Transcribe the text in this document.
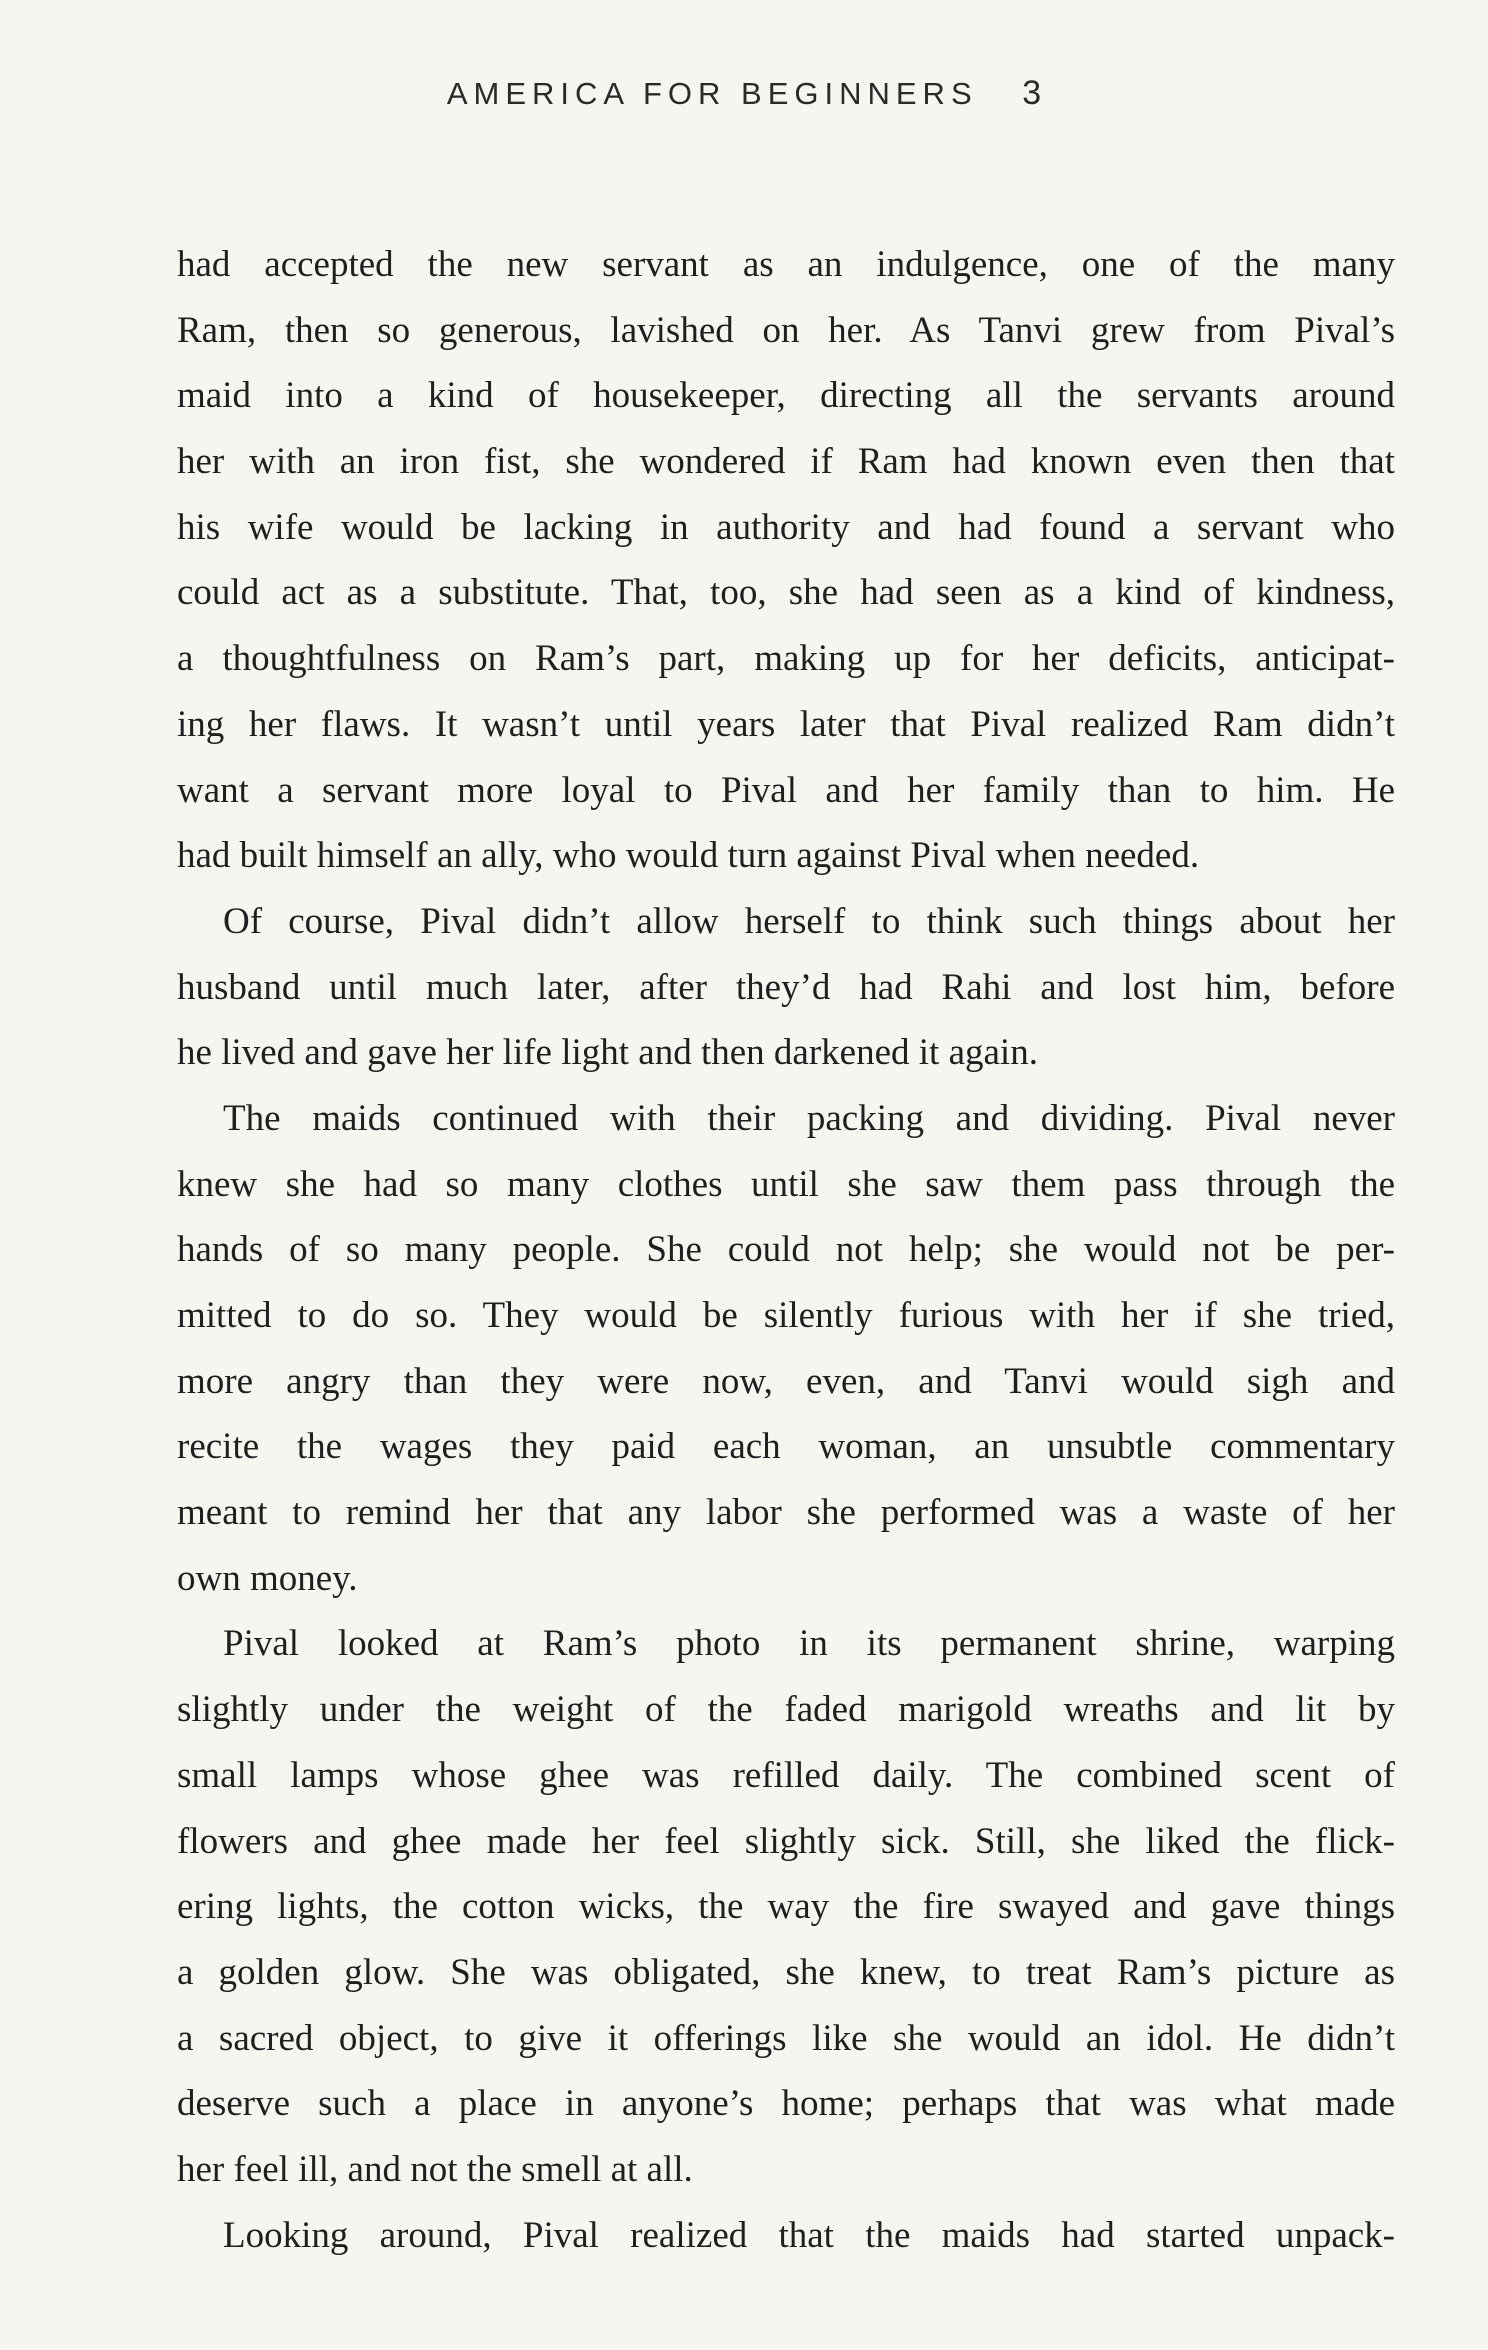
AMERICA FOR BEGINNERS 3
had accepted the new servant as an indulgence, one of the many
Ram, then so generous, lavished on her. As Tanvi grew from Pival’s
maid into a kind of housekeeper, directing all the servants around
her with an iron fist, she wondered if Ram had known even then that
his wife would be lacking in authority and had found a servant who
could act as a substitute. That, too, she had seen as a kind of kindness,
a thoughtfulness on Ram’s part, making up for her deficits, anticipat-
ing her flaws. It wasn’t until years later that Pival realized Ram didn’t
want a servant more loyal to Pival and her family than to him. He
had built himself an ally, who would turn against Pival when needed.
Of course, Pival didn’t allow herself to think such things about her
husband until much later, after they’d had Rahi and lost him, before
he lived and gave her life light and then darkened it again.
The maids continued with their packing and dividing. Pival never
knew she had so many clothes until she saw them pass through the
hands of so many people. She could not help; she would not be per-
mitted to do so. They would be silently furious with her if she tried,
more angry than they were now, even, and Tanvi would sigh and
recite the wages they paid each woman, an unsubtle commentary
meant to remind her that any labor she performed was a waste of her
own money.
Pival looked at Ram’s photo in its permanent shrine, warping
slightly under the weight of the faded marigold wreaths and lit by
small lamps whose ghee was refilled daily. The combined scent of
flowers and ghee made her feel slightly sick. Still, she liked the flick-
ering lights, the cotton wicks, the way the fire swayed and gave things
a golden glow. She was obligated, she knew, to treat Ram’s picture as
a sacred object, to give it offerings like she would an idol. He didn’t
deserve such a place in anyone’s home; perhaps that was what made
her feel ill, and not the smell at all.
Looking around, Pival realized that the maids had started unpack-
